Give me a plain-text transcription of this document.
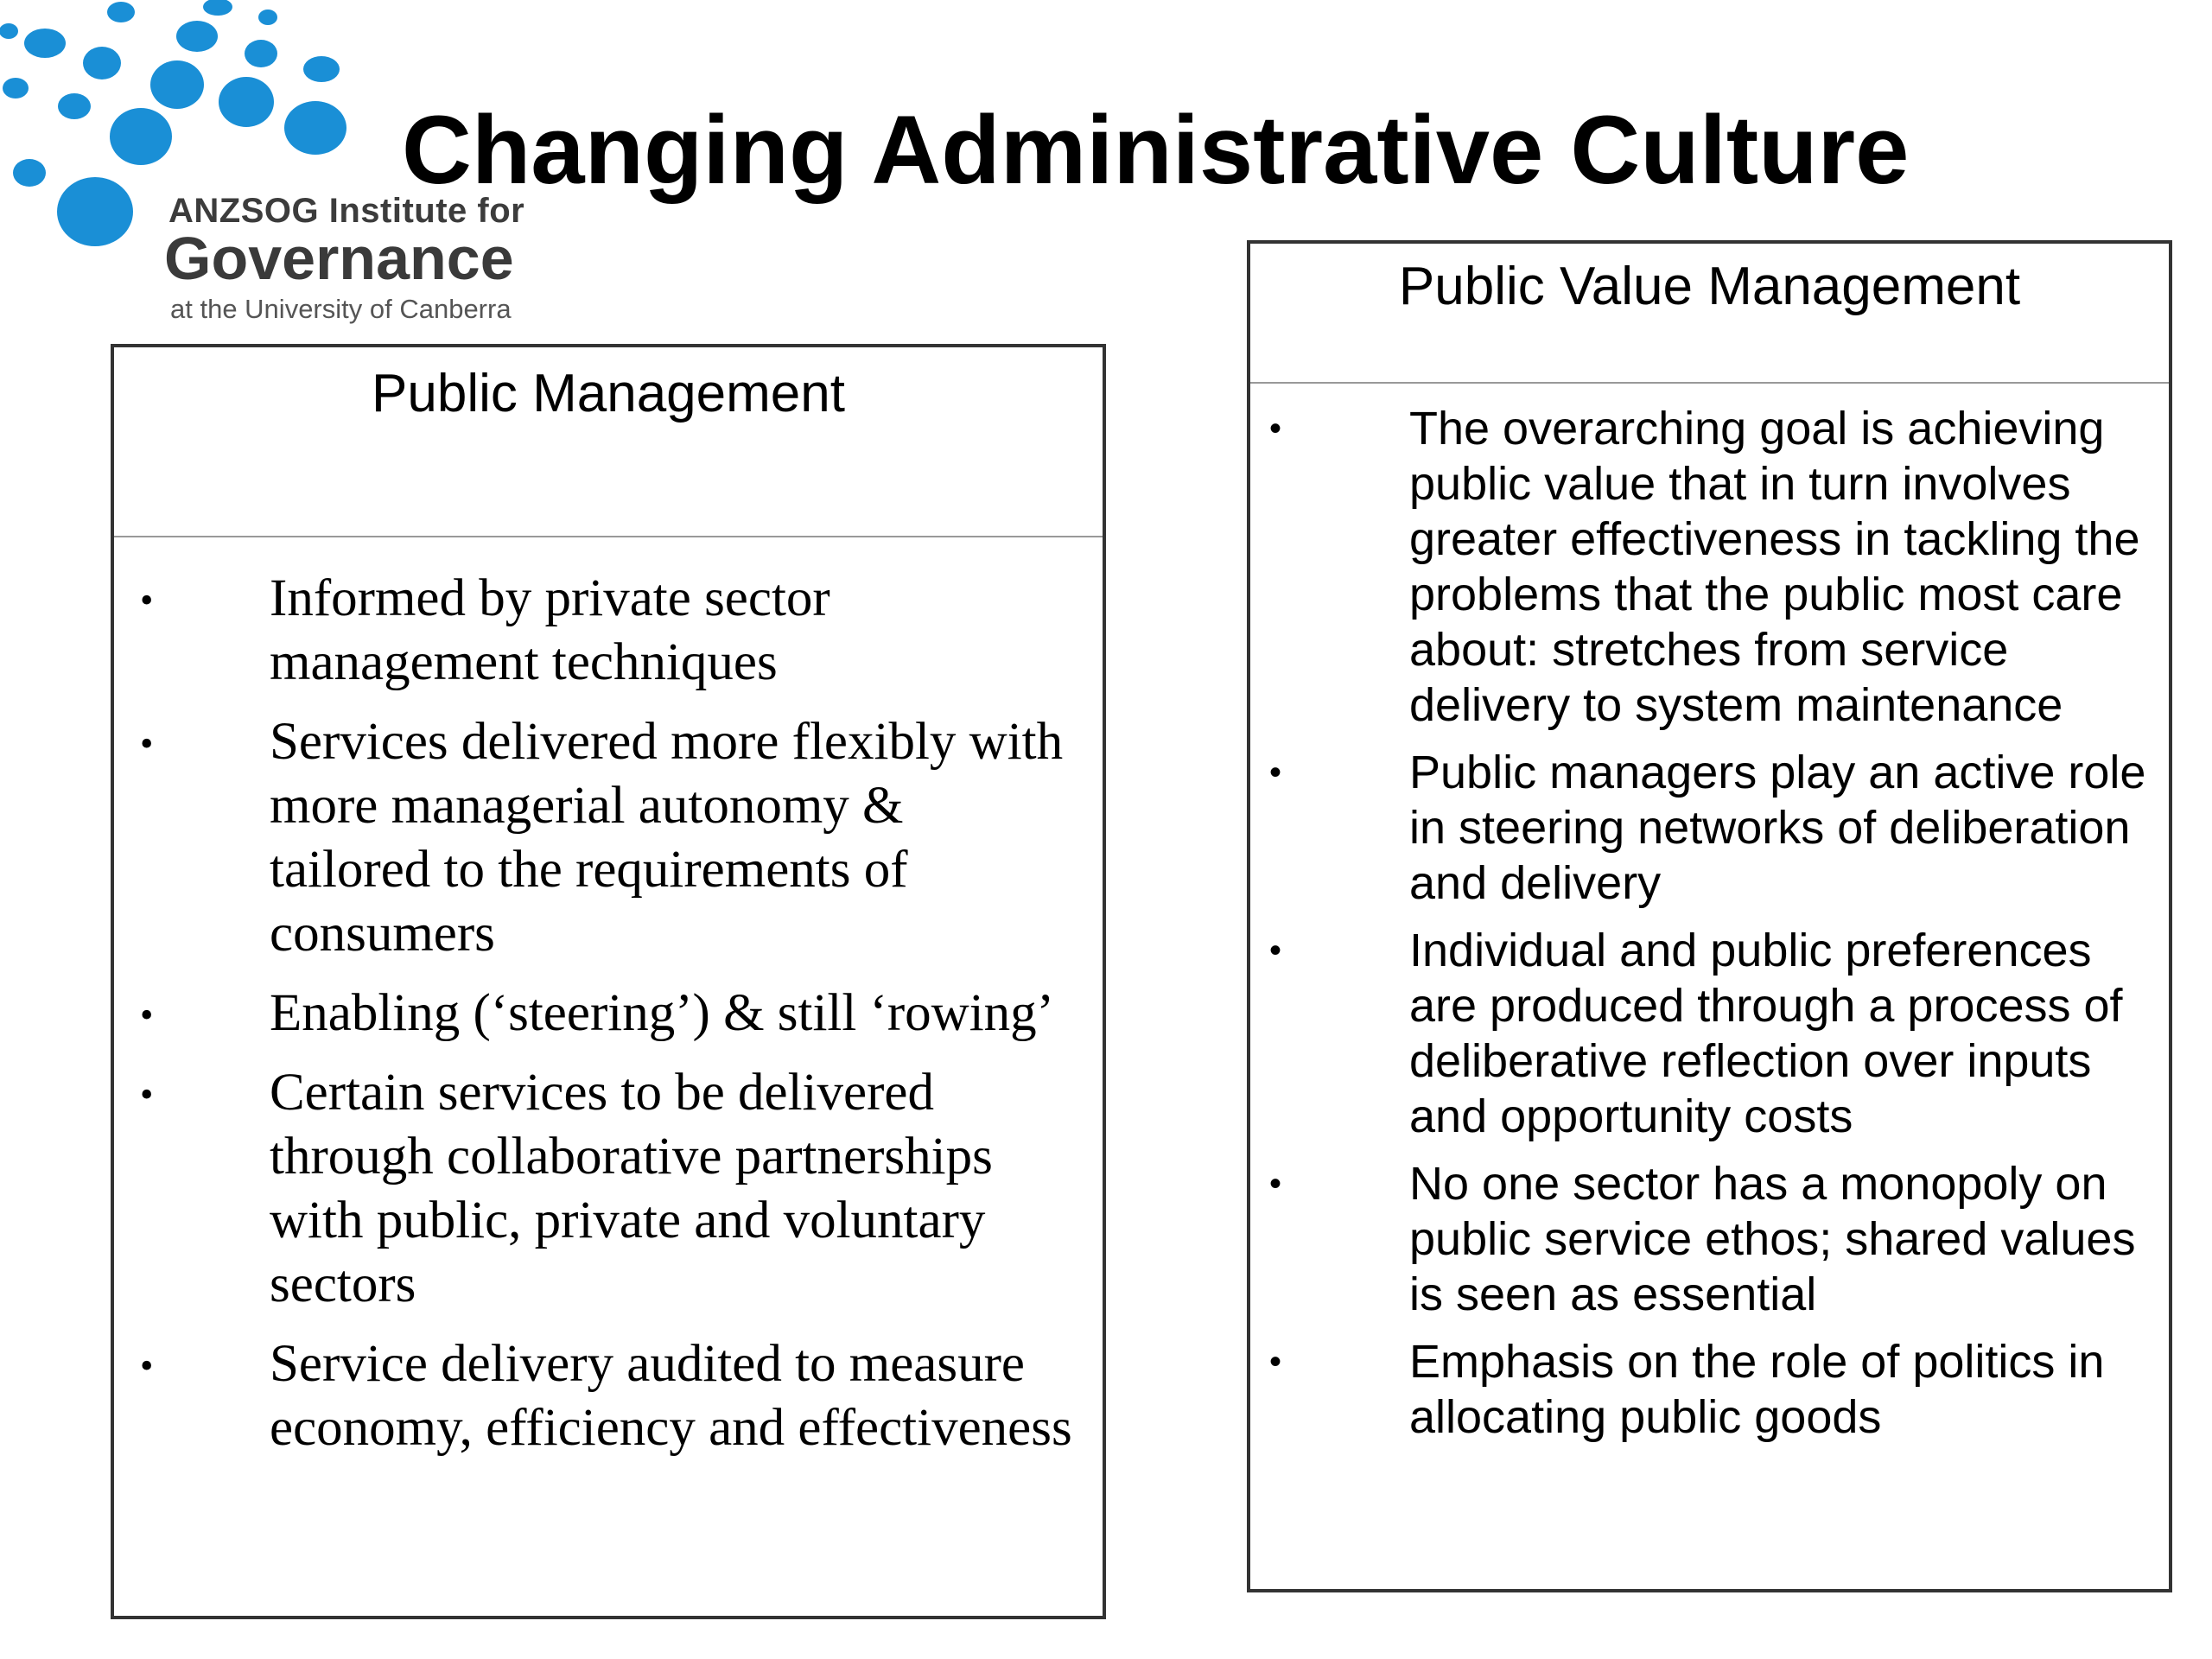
ANZSOG Institute for
Governance
at the University of Canberra
Changing Administrative Culture
Public Management
• Informed by private sector management techniques
• Services delivered more flexibly with more managerial autonomy & tailored to the requirements of consumers
• Enabling (‘steering’) & still ‘rowing’
• Certain services to be delivered through collaborative partnerships with public, private and voluntary sectors
• Service delivery audited to measure economy, efficiency and effectiveness
Public Value Management
•	The overarching goal is achieving public value that in turn involves greater effectiveness in tackling the problems that the public most care about: stretches from service delivery to system maintenance
•	Public managers play an active role in steering networks of deliberation and delivery
•	Individual and public preferences are produced through a process of deliberative reflection over inputs and opportunity costs
•	No one sector has a monopoly on public service ethos; shared values is seen as essential
•	Emphasis on the role of politics in allocating public goods
